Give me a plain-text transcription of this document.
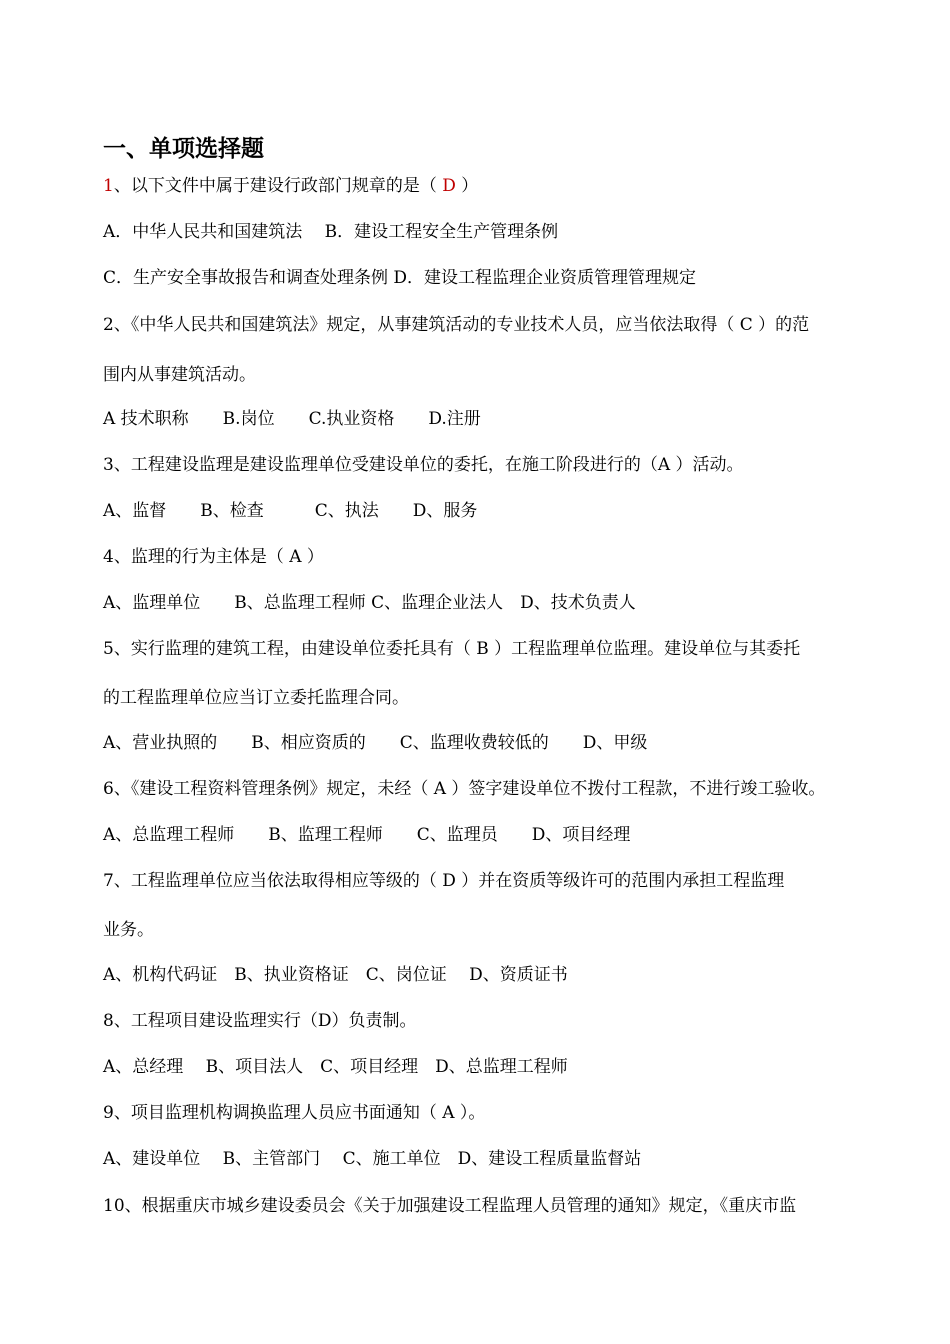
一、单项选择题
1、以下文件中属于建设行政部门规章的是（ D ）
A．中华人民共和国建筑法　 B．建设工程安全生产管理条例
C．生产安全事故报告和调查处理条例 D．建设工程监理企业资质管理管理规定
2、《中华人民共和国建筑法》规定，从事建筑活动的专业技术人员，应当依法取得（ C ）的范
围内从事建筑活动。
A 技术职称　　B.岗位　　C.执业资格　　D.注册
3、工程建设监理是建设监理单位受建设单位的委托，在施工阶段进行的（A ）活动。
A、监督　　B、检查　　　C、执法　　D、服务
4、监理的行为主体是（ A ）
A、监理单位　　B、总监理工程师 C、监理企业法人　D、技术负责人
5、实行监理的建筑工程，由建设单位委托具有（ B ）工程监理单位监理。建设单位与其委托
的工程监理单位应当订立委托监理合同。
A、营业执照的　　B、相应资质的　　C、监理收费较低的　　D、甲级
6、《建设工程资料管理条例》规定，未经（ A ）签字建设单位不拨付工程款，不进行竣工验收。
A、总监理工程师　　B、监理工程师　　C、监理员　　D、项目经理
7、工程监理单位应当依法取得相应等级的（ D ）并在资质等级许可的范围内承担工程监理
业务。
A、机构代码证　B、执业资格证　C、岗位证　 D、资质证书
8、工程项目建设监理实行（D）负责制。
A、总经理　 B、项目法人　C、项目经理　D、总监理工程师
9、项目监理机构调换监理人员应书面通知（ A ）。
A、建设单位　 B、主管部门　 C、施工单位　D、建设工程质量监督站
10、根据重庆市城乡建设委员会《关于加强建设工程监理人员管理的通知》规定，《重庆市监
